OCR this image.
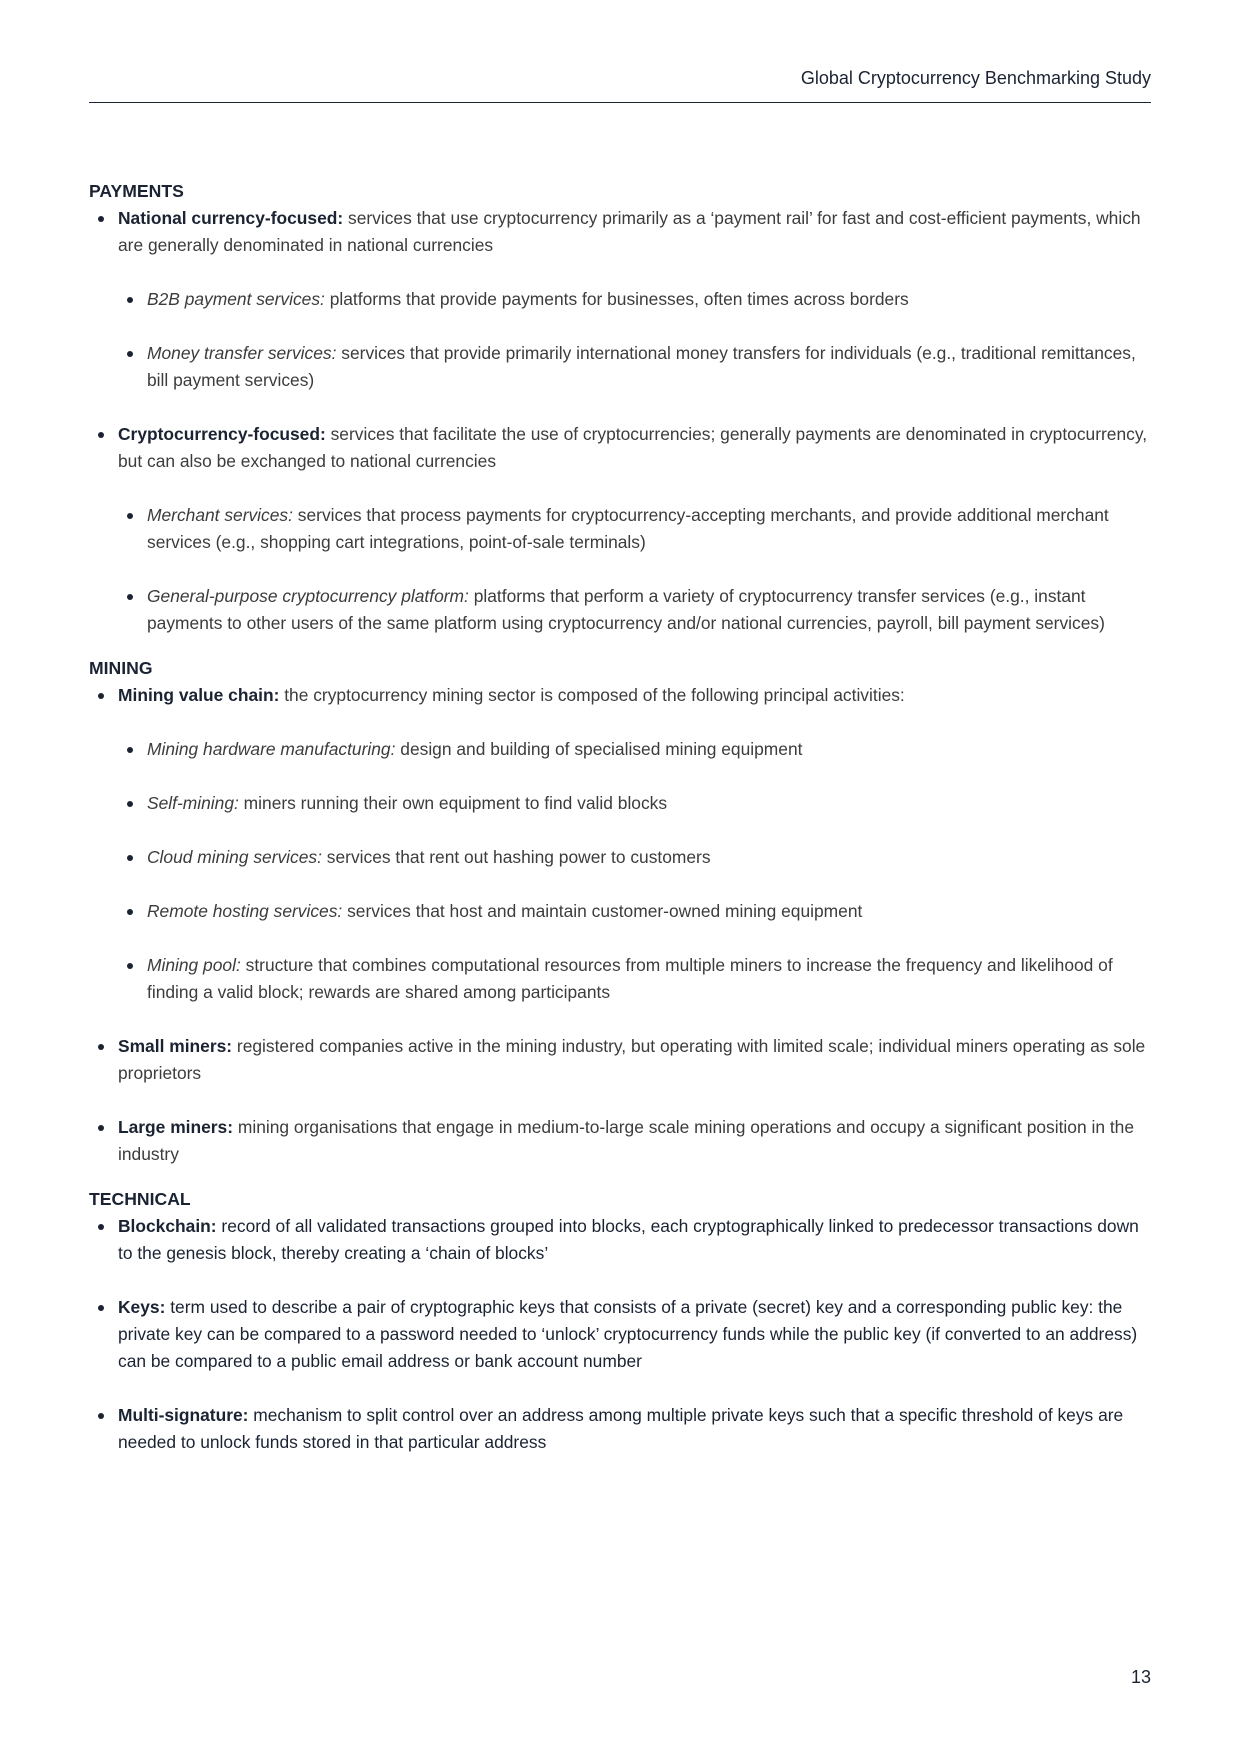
Global Cryptocurrency Benchmarking Study
PAYMENTS
National currency-focused: services that use cryptocurrency primarily as a ‘payment rail’ for fast and cost-efficient payments, which are generally denominated in national currencies
B2B payment services: platforms that provide payments for businesses, often times across borders
Money transfer services: services that provide primarily international money transfers for individuals (e.g., traditional remittances, bill payment services)
Cryptocurrency-focused: services that facilitate the use of cryptocurrencies; generally payments are denominated in cryptocurrency, but can also be exchanged to national currencies
Merchant services: services that process payments for cryptocurrency-accepting merchants, and provide additional merchant services (e.g., shopping cart integrations, point-of-sale terminals)
General-purpose cryptocurrency platform: platforms that perform a variety of cryptocurrency transfer services (e.g., instant payments to other users of the same platform using cryptocurrency and/or national currencies, payroll, bill payment services)
MINING
Mining value chain: the cryptocurrency mining sector is composed of the following principal activities:
Mining hardware manufacturing: design and building of specialised mining equipment
Self-mining: miners running their own equipment to find valid blocks
Cloud mining services: services that rent out hashing power to customers
Remote hosting services: services that host and maintain customer-owned mining equipment
Mining pool: structure that combines computational resources from multiple miners to increase the frequency and likelihood of finding a valid block; rewards are shared among participants
Small miners: registered companies active in the mining industry, but operating with limited scale; individual miners operating as sole proprietors
Large miners: mining organisations that engage in medium-to-large scale mining operations and occupy a significant position in the industry
TECHNICAL
Blockchain: record of all validated transactions grouped into blocks, each cryptographically linked to predecessor transactions down to the genesis block, thereby creating a ‘chain of blocks’
Keys: term used to describe a pair of cryptographic keys that consists of a private (secret) key and a corresponding public key: the private key can be compared to a password needed to ‘unlock’ cryptocurrency funds while the public key (if converted to an address) can be compared to a public email address or bank account number
Multi-signature: mechanism to split control over an address among multiple private keys such that a specific threshold of keys are needed to unlock funds stored in that particular address
13
